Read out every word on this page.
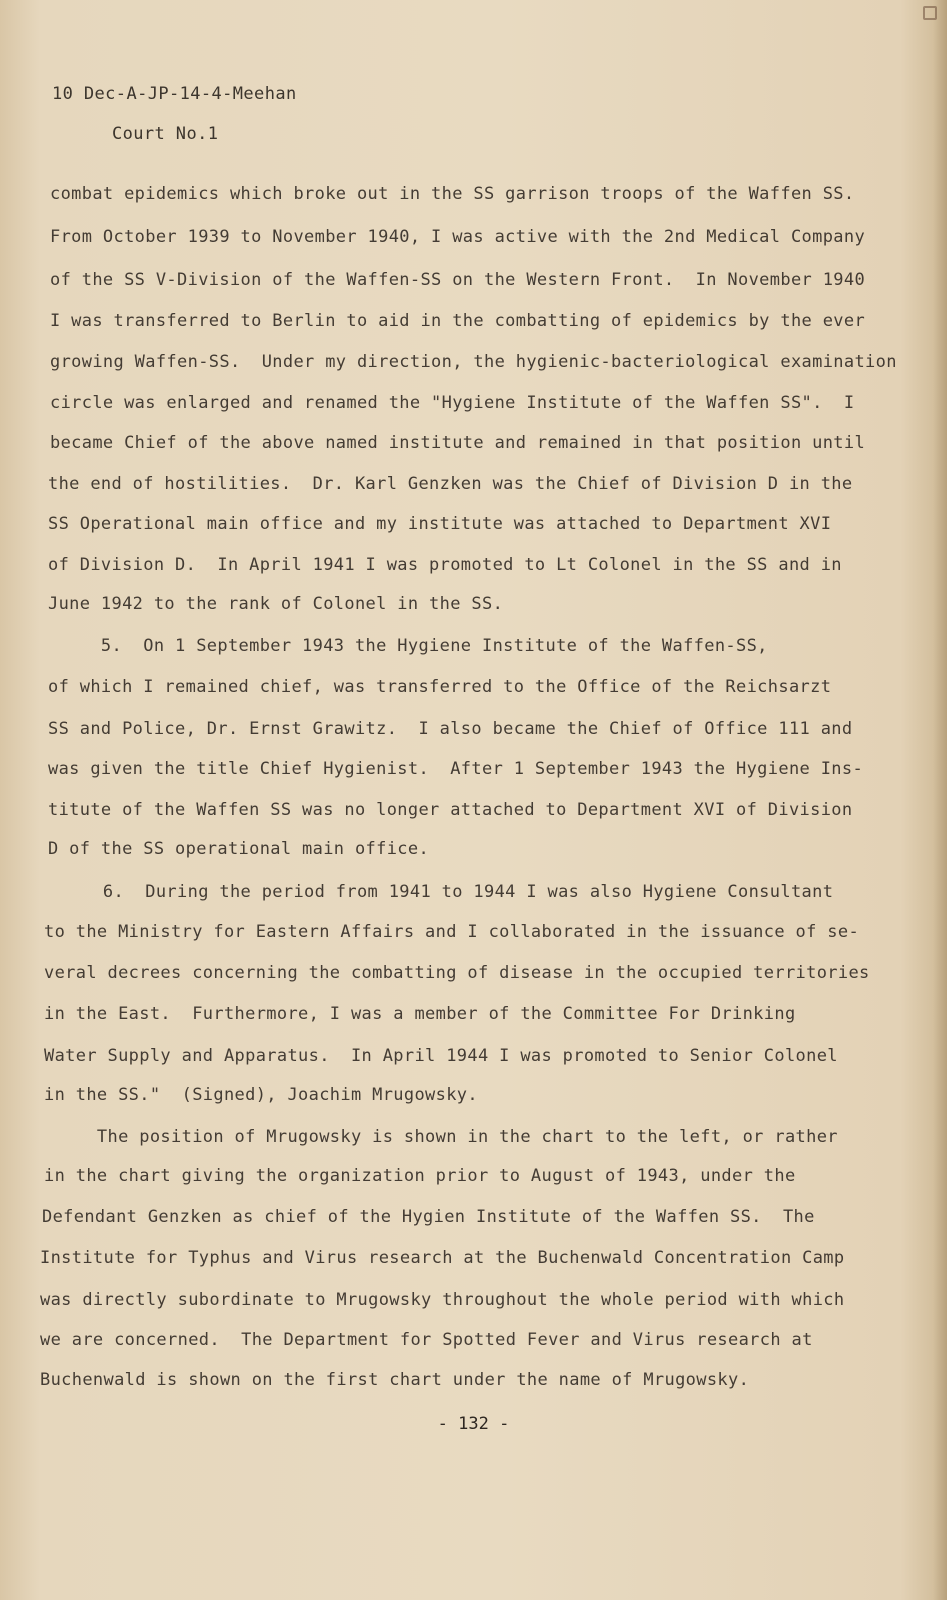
10 Dec-A-JP-14-4-Meehan
Court No.1
combat epidemics which broke out in the SS garrison troops of the Waffen SS.
From October 1939 to November 1940, I was active with the 2nd Medical Company
of the SS V-Division of the Waffen-SS on the Western Front.  In November 1940
I was transferred to Berlin to aid in the combatting of epidemics by the ever
growing Waffen-SS.  Under my direction, the hygienic-bacteriological examination
circle was enlarged and renamed the "Hygiene Institute of the Waffen SS".  I
became Chief of the above named institute and remained in that position until
the end of hostilities.  Dr. Karl Genzken was the Chief of Division D in the
SS Operational main office and my institute was attached to Department XVI
of Division D.  In April 1941 I was promoted to Lt Colonel in the SS and in
June 1942 to the rank of Colonel in the SS.
5.  On 1 September 1943 the Hygiene Institute of the Waffen-SS,
of which I remained chief, was transferred to the Office of the Reichsarzt
SS and Police, Dr. Ernst Grawitz.  I also became the Chief of Office 111 and
was given the title Chief Hygienist.  After 1 September 1943 the Hygiene Ins-
titute of the Waffen SS was no longer attached to Department XVI of Division
D of the SS operational main office.
6.  During the period from 1941 to 1944 I was also Hygiene Consultant
to the Ministry for Eastern Affairs and I collaborated in the issuance of se-
veral decrees concerning the combatting of disease in the occupied territories
in the East.  Furthermore, I was a member of the Committee For Drinking
Water Supply and Apparatus.  In April 1944 I was promoted to Senior Colonel
in the SS."  (Signed), Joachim Mrugowsky.
The position of Mrugowsky is shown in the chart to the left, or rather
in the chart giving the organization prior to August of 1943, under the
Defendant Genzken as chief of the Hygien Institute of the Waffen SS.  The
Institute for Typhus and Virus research at the Buchenwald Concentration Camp
was directly subordinate to Mrugowsky throughout the whole period with which
we are concerned.  The Department for Spotted Fever and Virus research at
Buchenwald is shown on the first chart under the name of Mrugowsky.
- 132 -
